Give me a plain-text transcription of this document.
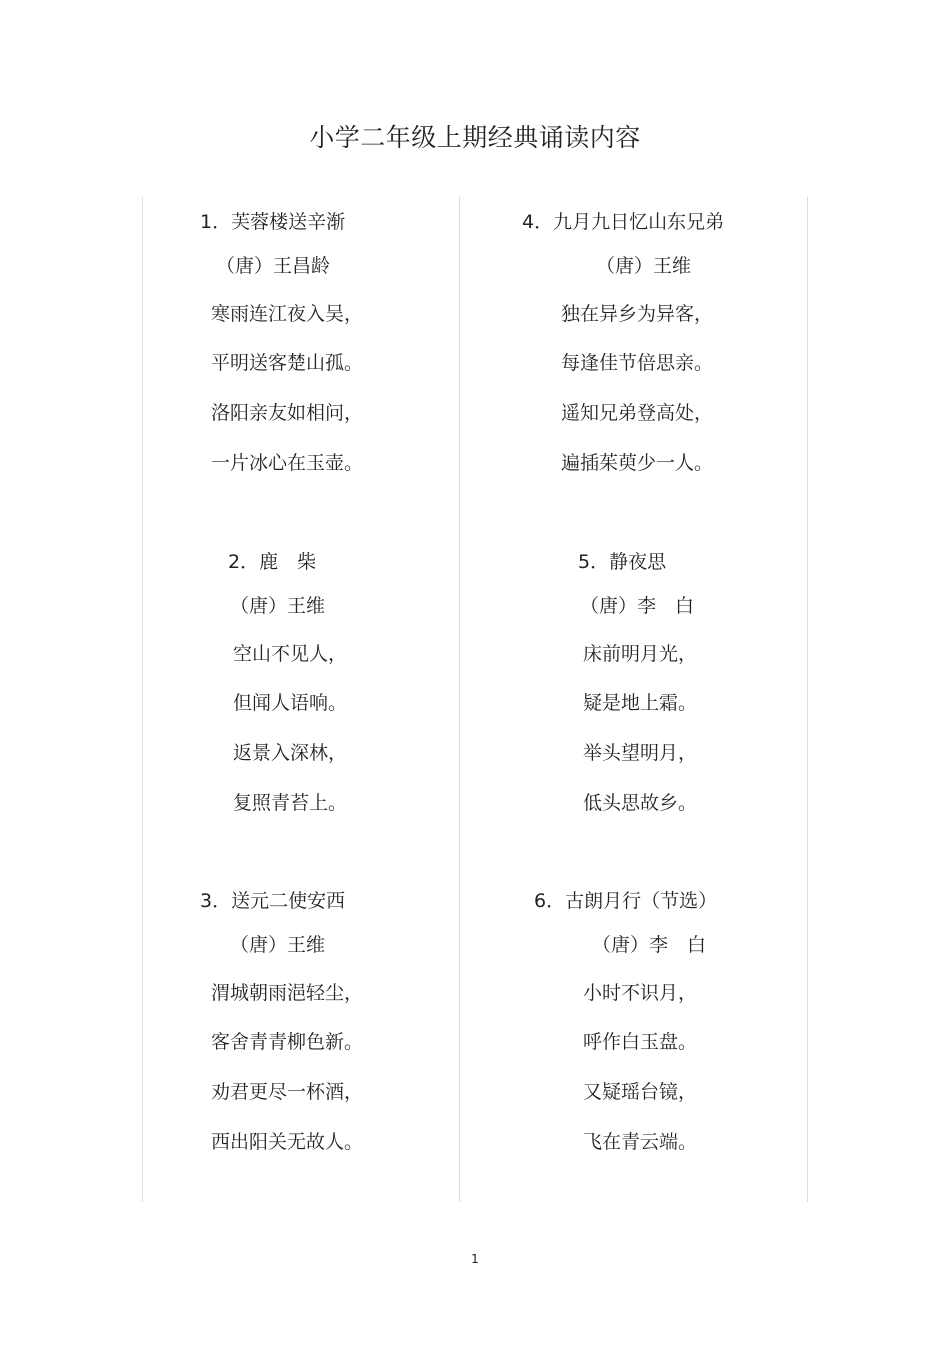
小学二年级上期经典诵读内容
1．芙蓉楼送辛渐
（唐）王昌龄
寒雨连江夜入吴，
平明送客楚山孤。
洛阳亲友如相问，
一片冰心在玉壶。
2．鹿　柴
（唐）王维
空山不见人，
但闻人语响。
返景入深林，
复照青苔上。
3．送元二使安西
（唐）王维
渭城朝雨浥轻尘，
客舍青青柳色新。
劝君更尽一杯酒，
西出阳关无故人。
4．九月九日忆山东兄弟
（唐）王维
独在异乡为异客，
每逢佳节倍思亲。
遥知兄弟登高处，
遍插茱萸少一人。
5．静夜思
（唐）李　白
床前明月光，
疑是地上霜。
举头望明月，
低头思故乡。
6．古朗月行（节选）
（唐）李　白
小时不识月，
呼作白玉盘。
又疑瑶台镜，
飞在青云端。
1
